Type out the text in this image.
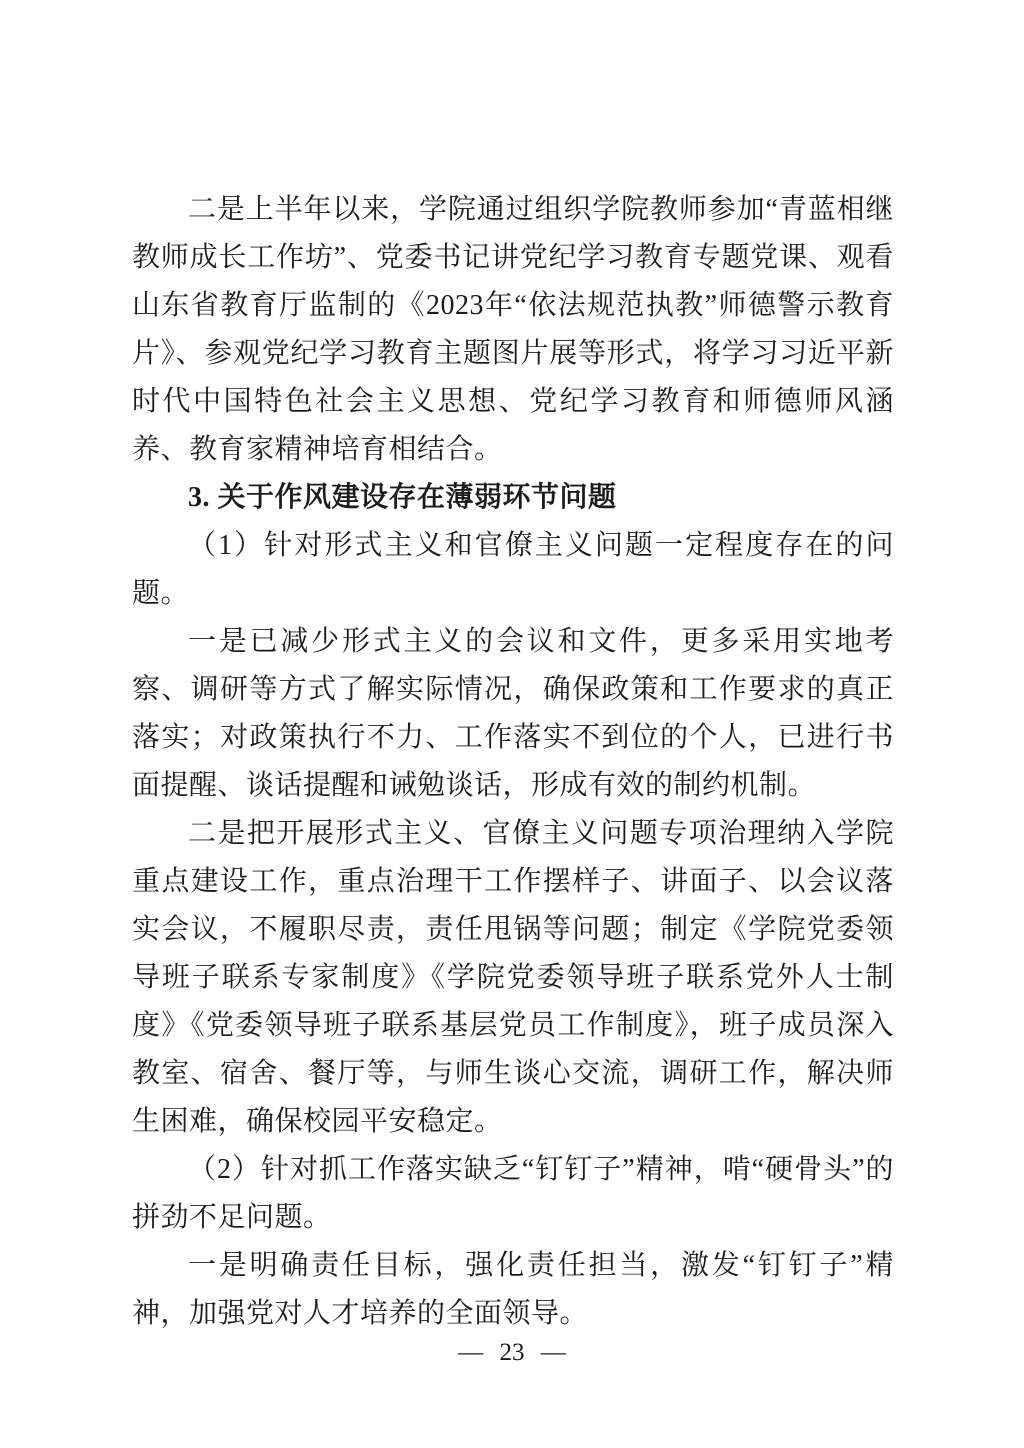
二是上半年以来，学院通过组织学院教师参加“青蓝相继教师成长工作坊”、党委书记讲党纪学习教育专题党课、观看山东省教育厅监制的《2023年“依法规范执教”师德警示教育片》、参观党纪学习教育主题图片展等形式，将学习习近平新时代中国特色社会主义思想、党纪学习教育和师德师风涵养、教育家精神培育相结合。

3. 关于作风建设存在薄弱环节问题

（1）针对形式主义和官僚主义问题一定程度存在的问题。

一是已减少形式主义的会议和文件，更多采用实地考察、调研等方式了解实际情况，确保政策和工作要求的真正落实；对政策执行不力、工作落实不到位的个人，已进行书面提醒、谈话提醒和诫勉谈话，形成有效的制约机制。

二是把开展形式主义、官僚主义问题专项治理纳入学院重点建设工作，重点治理干工作摆样子、讲面子、以会议落实会议，不履职尽责，责任甩锅等问题；制定《学院党委领导班子联系专家制度》《学院党委领导班子联系党外人士制度》《党委领导班子联系基层党员工作制度》，班子成员深入教室、宿舍、餐厅等，与师生谈心交流，调研工作，解决师生困难，确保校园平安稳定。

（2）针对抓工作落实缺乏“钉钉子”精神，啃“硬骨头”的拼劲不足问题。

一是明确责任目标，强化责任担当，激发“钉钉子”精神，加强党对人才培养的全面领导。

— 23 —
